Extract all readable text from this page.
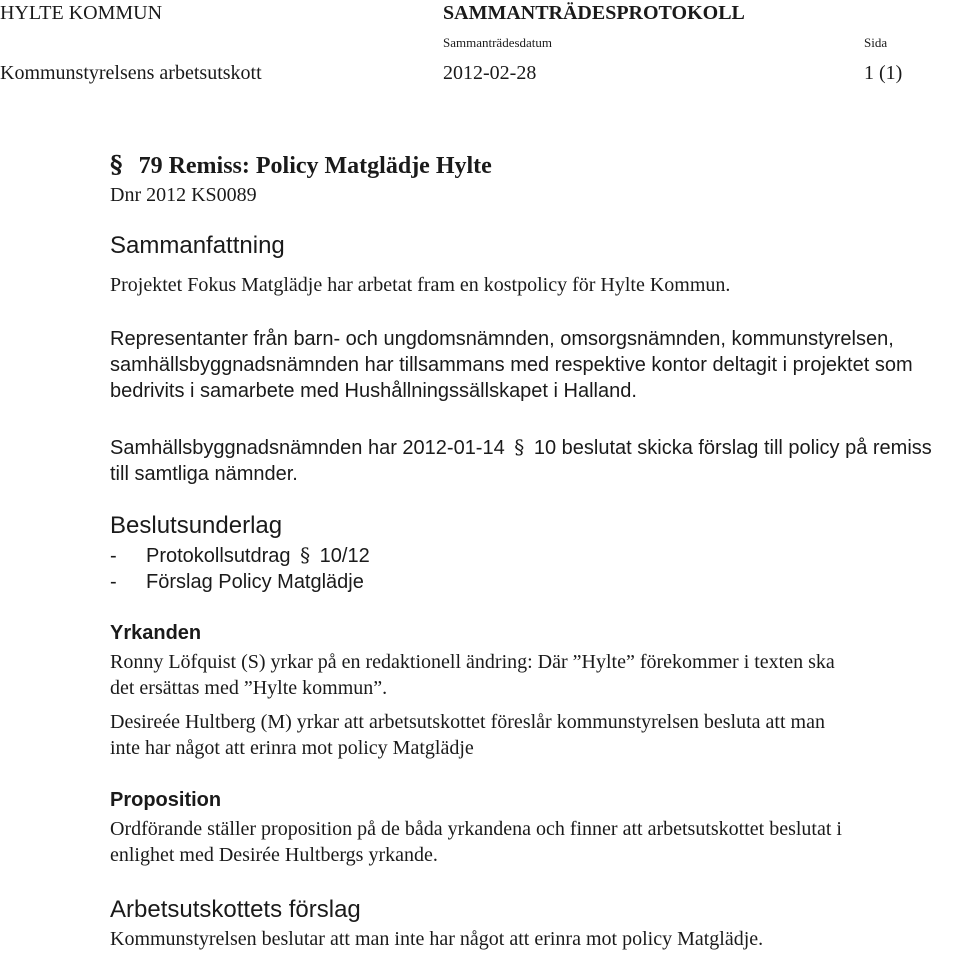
HYLTE KOMMUN	SAMMANTRÄDESPROTOKOLL
Sammanträdesdatum	Sida
Kommunstyrelsens arbetsutskott	2012-02-28	1 (1)
§ 79 Remiss: Policy Matglädje Hylte
Dnr 2012 KS0089
Sammanfattning
Projektet Fokus Matglädje har arbetat fram en kostpolicy för Hylte Kommun.

Representanter från barn- och ungdomsnämnden, omsorgsnämnden, kommunstyrelsen,

samhällsbyggnadsnämnden har tillsammans med respektive kontor deltagit i projektet som

bedrivits i samarbete med Hushållningssällskapet i Halland.

Samhällsbyggnadsnämnden har 2012-01-14 § 10 beslutat skicka förslag till policy på remiss

till samtliga nämnder.

Beslutsunderlag
- Protokollsutdrag § 10/12
- Förslag Policy Matglädje
Yrkanden

Ronny Löfquist (S) yrkar på en redaktionell ändring: Där ”Hylte” förekommer i texten ska

det ersättas med ”Hylte kommun”.

Desireée Hultberg (M) yrkar att arbetsutskottet föreslår kommunstyrelsen besluta att man

inte har något att erinra mot policy Matglädje

Proposition

Ordförande ställer proposition på de båda yrkandena och finner att arbetsutskottet beslutat i

enlighet med Desirée Hultbergs yrkande.

Arbetsutskottets förslag
Kommunstyrelsen beslutar att man inte har något att erinra mot policy Matglädje.
